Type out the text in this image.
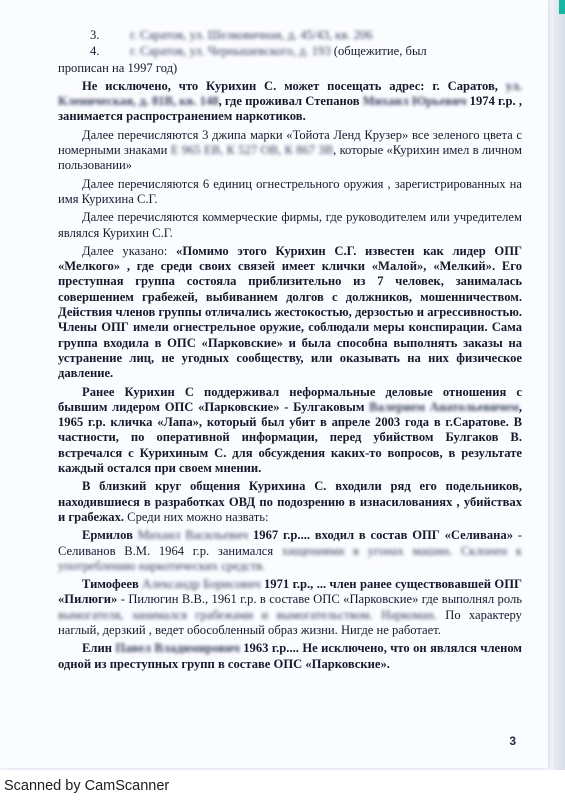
3.	г. Саратов, ул. Шелковичная, д. 45/43, кв. 206
4.	г. Саратов, ул. Чернышевского, д. 193 (общежитие, был

прописан на 1997 год)

Не исключено, что Курихин С. может посещать адрес: г. Саратов, ул. Кленическая, д. 81В, кв. 148, где проживал Степанов Михаил Юрьевич 1974 г.р. , занимается распространением наркотиков.

Далее перечисляются 3 джипа марки «Тойота Ленд Крузер» все зеленого цвета с номерными знаками Е 965 ЕВ, К 527 ОВ, К 867 ЗВ, которые «Курихин имел в личном пользовании»

Далее перечисляются 6 единиц огнестрельного оружия , зарегистрированных на имя Курихина С.Г.

Далее перечисляются коммерческие фирмы, где руководителем или учредителем являлся Курихин С.Г.

Далее указано: «Помимо этого Курихин С.Г. известен как лидер ОПГ «Мелкого» , где среди своих связей имеет клички «Малой», «Мелкий». Его преступная группа состояла приблизительно из 7 человек, занималась совершением грабежей, выбиванием долгов с должников, мошенничеством. Действия членов группы отличались жестокостью, дерзостью и агрессивностью. Члены ОПГ имели огнестрельное оружие, соблюдали меры конспирации. Сама группа входила в ОПС «Парковские» и была способна выполнять заказы на устранение лиц, не угодных сообществу, или оказывать на них физическое давление.

Ранее Курихин С поддерживал неформальные деловые отношения с бывшим лидером ОПС «Парковские» - Булгаковым Валерием Анатольевичем, 1965 г.р. кличка «Лапа», который был убит в апреле 2003 года в г.Саратове. В частности, по оперативной информации, перед убийством Булгаков В. встречался с Курихиным С. для обсуждения каких-то вопросов, в результате каждый остался при своем мнении.

В близкий круг общения Курихина С. входили ряд его подельников, находившиеся в разработках ОВД по подозрению в изнасилованиях , убийствах и грабежах. Среди них можно назвать:

Ермилов Михаил Васильевич 1967 г.р.... входил в состав ОПГ «Селивана» - Селиванов В.М. 1964 г.р. занимался хищениями в угонах машин. Склонен к употреблению наркотических средств.

Тимофеев Александр Борисович 1971 г.р., ... член ранее существовавшей ОПГ «Пилюги» - Пилюгин В.В., 1961 г.р. в составе ОПС «Парковские» где выполнял роль вымогателя, занимался грабежами и вымогательством. Наркоман. По характеру наглый, дерзкий , ведет обособленный образ жизни. Нигде не работает.

Елин Павел Владимирович 1963 г.р.... Не исключено, что он являлся членом одной из преступных групп в составе ОПС «Парковские».

3
Scanned by CamScanner
